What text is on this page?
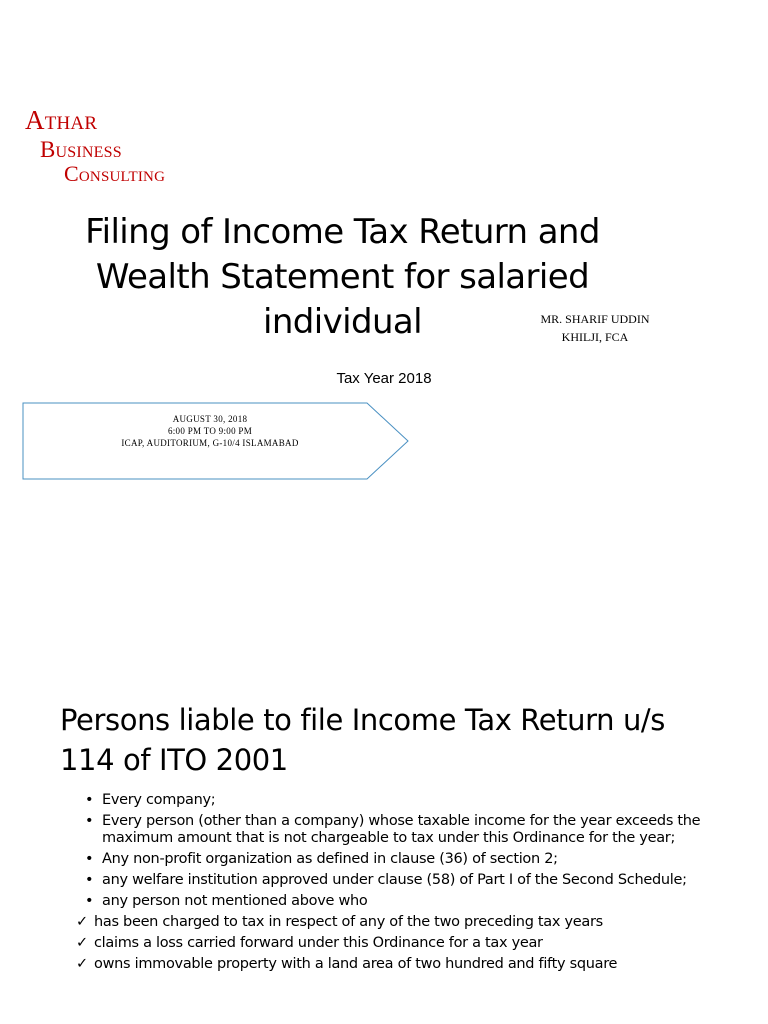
Athar
Business
Consulting
Filing of Income Tax Return and Wealth Statement for salaried individual	MR. SHARIF UDDIN
KHILJI, FCA
Tax Year 2018
AUGUST 30, 2018
6:00 PM TO 9:00 PM
ICAP, AUDITORIUM, G-10/4 ISLAMABAD
Persons liable to file Income Tax Return u/s 114 of ITO 2001
• Every company;
• Every person (other than a company) whose taxable income for the year exceeds the maximum amount that is not chargeable to tax under this Ordinance for the year;
• Any non-profit organization as defined in clause (36) of section 2;
• any welfare institution approved under clause (58) of Part I of the Second Schedule;
• any person not mentioned above who
✓ has been charged to tax in respect of any of the two preceding tax years
✓ claims a loss carried forward under this Ordinance for a tax year
✓ owns immovable property with a land area of two hundred and fifty square
